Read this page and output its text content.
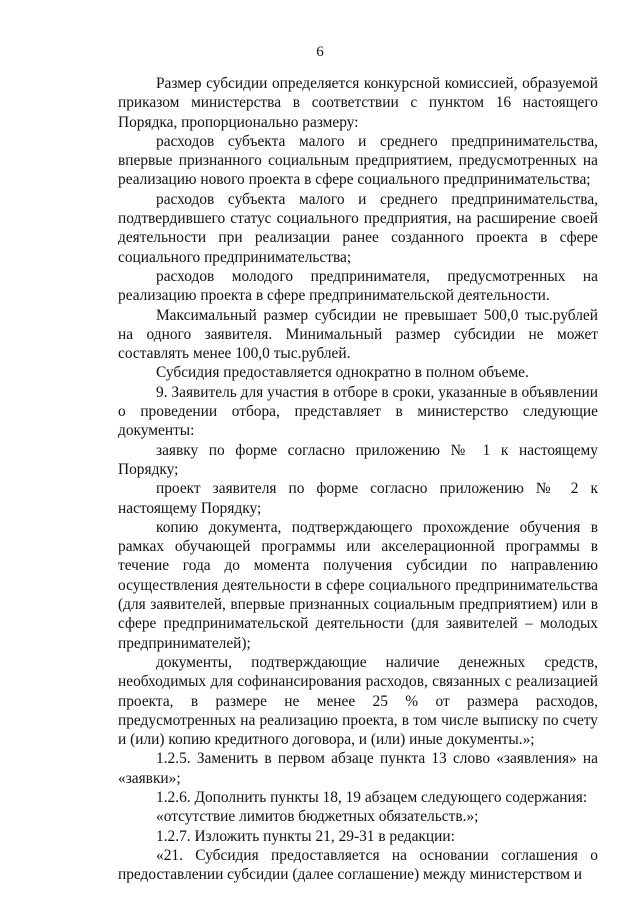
6

Размер субсидии определяется конкурсной комиссией, образуемой приказом министерства в соответствии с пунктом 16 настоящего Порядка, пропорционально размеру:

расходов субъекта малого и среднего предпринимательства, впервые признанного социальным предприятием, предусмотренных на реализацию нового проекта в сфере социального предпринимательства;

расходов субъекта малого и среднего предпринимательства, подтвердившего статус социального предприятия, на расширение своей деятельности при реализации ранее созданного проекта в сфере социального предпринимательства;

расходов молодого предпринимателя, предусмотренных на реализацию проекта в сфере предпринимательской деятельности.

Максимальный размер субсидии не превышает 500,0 тыс.рублей на одного заявителя. Минимальный размер субсидии не может составлять менее 100,0 тыс.рублей.

Субсидия предоставляется однократно в полном объеме.

9. Заявитель для участия в отборе в сроки, указанные в объявлении о проведении отбора, представляет в министерство следующие документы:

заявку по форме согласно приложению № 1 к настоящему Порядку;

проект заявителя по форме согласно приложению № 2 к настоящему Порядку;

копию документа, подтверждающего прохождение обучения в рамках обучающей программы или акселерационной программы в течение года до момента получения субсидии по направлению осуществления деятельности в сфере социального предпринимательства (для заявителей, впервые признанных социальным предприятием) или в сфере предпринимательской деятельности (для заявителей – молодых предпринимателей);

документы, подтверждающие наличие денежных средств, необходимых для софинансирования расходов, связанных с реализацией проекта, в размере не менее 25 % от размера расходов, предусмотренных на реализацию проекта, в том числе выписку по счету и (или) копию кредитного договора, и (или) иные документы.»;

1.2.5. Заменить в первом абзаце пункта 13 слово «заявления» на «заявки»;

1.2.6. Дополнить пункты 18, 19 абзацем следующего содержания:

«отсутствие лимитов бюджетных обязательств.»;

1.2.7. Изложить пункты 21, 29-31 в редакции:

«21. Субсидия предоставляется на основании соглашения о предоставлении субсидии (далее соглашение) между министерством и
